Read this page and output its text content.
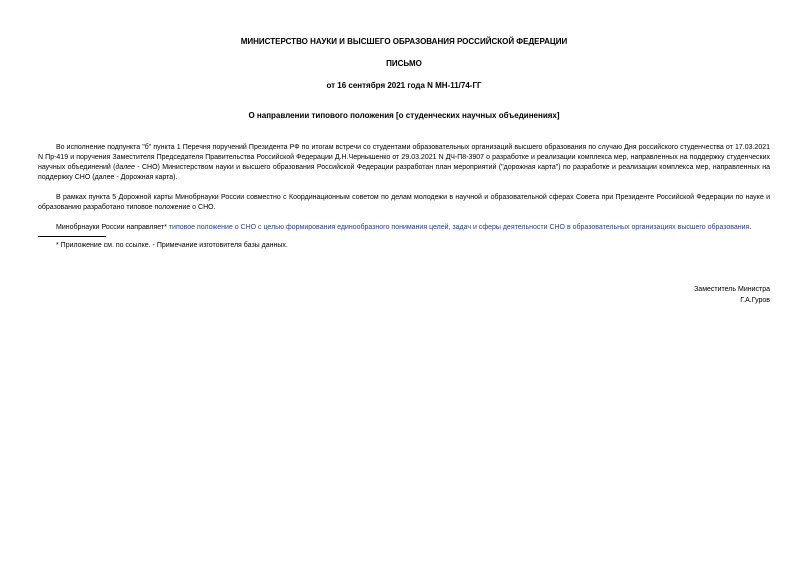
МИНИСТЕРСТВО НАУКИ И ВЫСШЕГО ОБРАЗОВАНИЯ РОССИЙСКОЙ ФЕДЕРАЦИИ

ПИСЬМО

от 16 сентября 2021 года N МН-11/74-ГГ

О направлении типового положения [о студенческих научных объединениях]

Во исполнение подпункта "б" пункта 1 Перечня поручений Президента РФ по итогам встречи со студентами образовательных организаций высшего образования по случаю Дня российского студенчества от 17.03.2021 N Пр-419 и поручения Заместителя Председателя Правительства Российской Федерации Д.Н.Чернышенко от 29.03.2021 N ДЧ-П8-3907 о разработке и реализации комплекса мер, направленных на поддержку студенческих научных объединений (далее - СНО) Министерством науки и высшего образования Российской Федерации разработан план мероприятий ("дорожная карта") по разработке и реализации комплекса мер, направленных на поддержку СНО (далее - Дорожная карта).

В рамках пункта 5 Дорожной карты Минобрнауки России совместно с Координационным советом по делам молодежи в научной и образовательной сферах Совета при Президенте Российской Федерации по науке и образованию разработано типовое положение о СНО.

Минобрнауки России направляет* типовое положение о СНО с целью формирования единообразного понимания целей, задач и сферы деятельности СНО в образовательных организациях высшего образования.

* Приложение см. по ссылке. - Примечание изготовителя базы данных.

Заместитель Министра
Г.А.Гуров
